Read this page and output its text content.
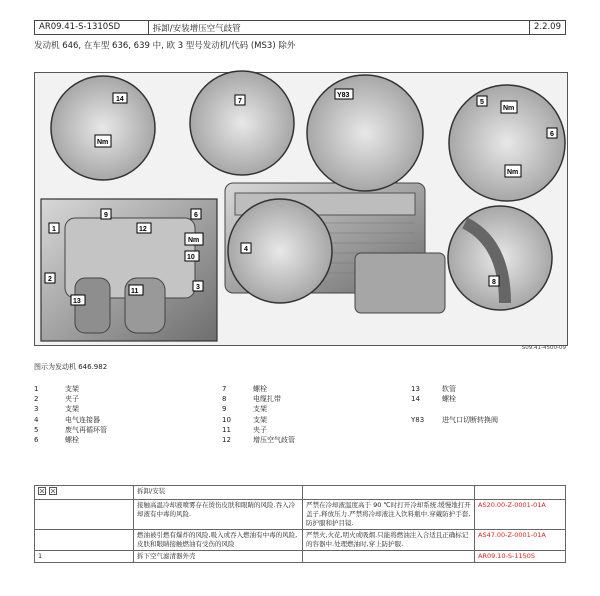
AR09.41-S-1310SD	拆卸/安装增压空气歧管	2.2.09
发动机 646, 在车型 636, 639 中, 欧 3 型号发动机/代码 (MS3) 除外
14
Nm
7
Y83
5
Nm
6
Nm
9	6
12
Nm
10
1
2
11
13
3
4
8
S09.41-4500-09
图示为发动机 646.982
1	支架
2	夹子
3	支架
4	电气连接器
5	废气再循环管
6	螺栓
7	螺栓
8	电缆扎带
9	支架
10	支架
11	夹子
12	增压空气歧管
13	软管
14	螺栓
Y83	进气口切断转换阀
	拆卸/安装		
	接触高温冷却液喷雾存在烫伤皮肤和眼睛的风险.吞入冷却液有中毒的风险.	严禁在冷却液温度高于 90 ℃时打开冷却系统.缓慢地打开盖子,释放压力.严禁将冷却液注入饮料瓶中.穿戴防护手套,防护服和护目镜.	AS20.00-Z-0001-01A
	燃油被引燃有爆炸的风险,吸入或吞入燃油有中毒的风险,皮肤和眼睛接触燃油有受伤的风险	严禁火,火花,明火或吸烟.只能将燃油注入合适且正确标记的容器中.处理燃油时,穿上防护服.	AS47.00-Z-0001-01A
1	拆下空气滤清器外壳		AR09.10-S-1150S
